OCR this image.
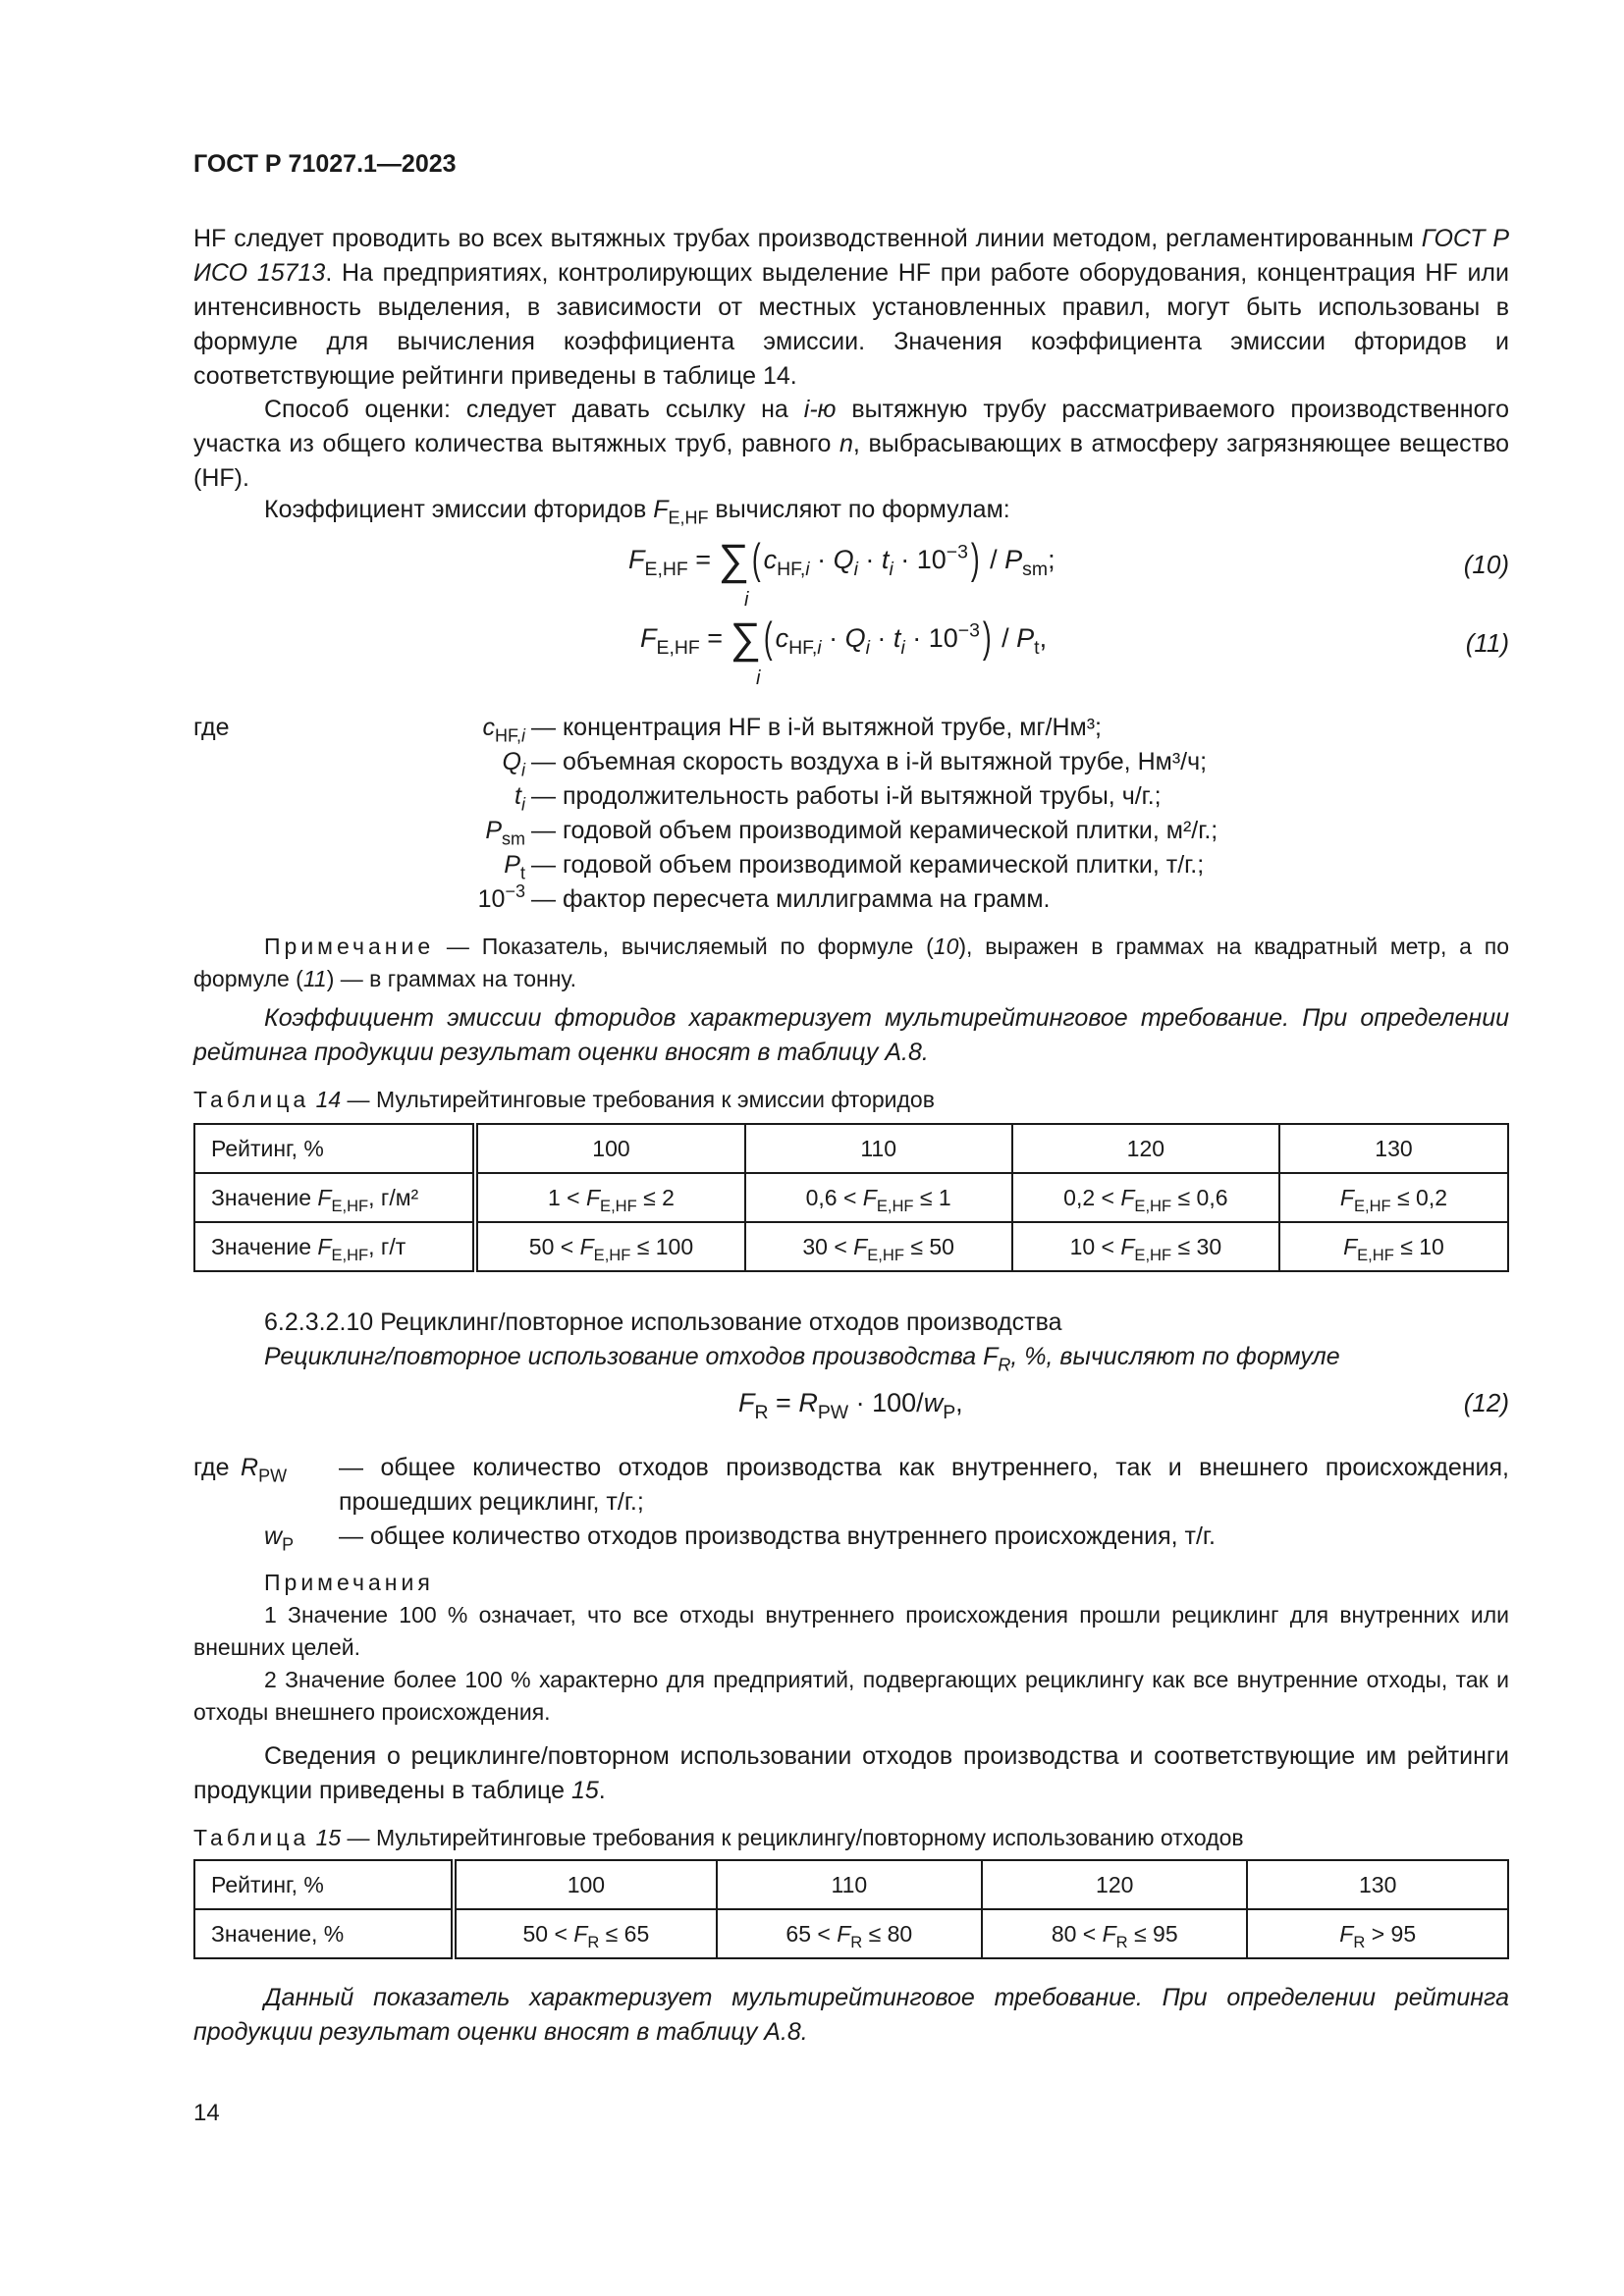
ГОСТ Р 71027.1—2023
HF следует проводить во всех вытяжных трубах производственной линии методом, регламентированным ГОСТ Р ИСО 15713. На предприятиях, контролирующих выделение HF при работе оборудования, концентрация HF или интенсивность выделения, в зависимости от местных установленных правил, могут быть использованы в формуле для вычисления коэффициента эмиссии. Значения коэффициента эмиссии фторидов и соответствующие рейтинги приведены в таблице 14.
Способ оценки: следует давать ссылку на i-ю вытяжную трубу рассматриваемого производственного участка из общего количества вытяжных труб, равного n, выбрасывающих в атмосферу загрязняющее вещество (HF).
Коэффициент эмиссии фторидов $F_{E,HF}$ вычисляют по формулам:
$F_{E,HF}$ = ∑( $c_{HF,i} \cdot Q_i \cdot t_i \cdot 10^{-3}) / P_{sm}$;
i
(10)
$F_{E,HF}$ = ∑( $c_{HF,i} \cdot Q_i \cdot t_i \cdot 10^{-3}) / P_t$,
i
(11)
где	$c_{HF,i}$ — концентрация HF в i-й вытяжной трубе, мг/Нм³;
$Q_i$ — объемная скорость воздуха в i-й вытяжной трубе, Нм³/ч;
$t_i$ — продолжительность работы i-й вытяжной трубы, ч/г.;
$P_{sm}$ — годовой объем производимой керамической плитки, м²/г.;
$P_t$ — годовой объем производимой керамической плитки, т/г.;
$10^{-3}$ — фактор пересчета миллиграмма на грамм.
Примечание — Показатель, вычисляемый по формуле (10), выражен в граммах на квадратный метр, а по формуле (11) — в граммах на тонну.
Коэффициент эмиссии фторидов характеризует мультирейтинговое требование. При определении рейтинга продукции результат оценки вносят в таблицу А.8.
Таблица 14 — Мультирейтинговые требования к эмиссии фторидов
Рейтинг, %	100	110	120	130
Значение $F_{E,HF}$, г/м²	$1 < F_{E,HF} \le 2$	$0,6 < F_{E,HF} \le 1$	$0,2 < F_{E,HF} \le 0,6$	$F_{E,HF} \le 0,2$
Значение $F_{E,HF}$, г/т	$50 < F_{E,HF} \le 100$	$30 < F_{E,HF} \le 50$	$10 < F_{E,HF} \le 30$	$F_{E,HF} \le 10$
6.2.3.2.10 Рециклинг/повторное использование отходов производства
Рециклинг/повторное использование отходов производства $F_R$, %, вычисляют по формуле
$F_R = R_{PW} \cdot 100/w_P$,	(12)
где $R_{PW}$ — общее количество отходов производства как внутреннего, так и внешнего происхождения, прошедших рециклинг, т/г.;
$w_P$ — общее количество отходов производства внутреннего происхождения, т/г.
Примечания
1 Значение 100 % означает, что все отходы внутреннего происхождения прошли рециклинг для внутренних или внешних целей.
2 Значение более 100 % характерно для предприятий, подвергающих рециклингу как все внутренние отходы, так и отходы внешнего происхождения.
Сведения о рециклинге/повторном использовании отходов производства и соответствующие им рейтинги продукции приведены в таблице 15.
Таблица 15 — Мультирейтинговые требования к рециклингу/повторному использованию отходов
Рейтинг, %	100	110	120	130
Значение, %	$50 < F_R \le 65$	$65 < F_R \le 80$	$80 < F_R \le 95$	$F_R > 95$
Данный показатель характеризует мультирейтинговое требование. При определении рейтинга продукции результат оценки вносят в таблицу А.8.
14
